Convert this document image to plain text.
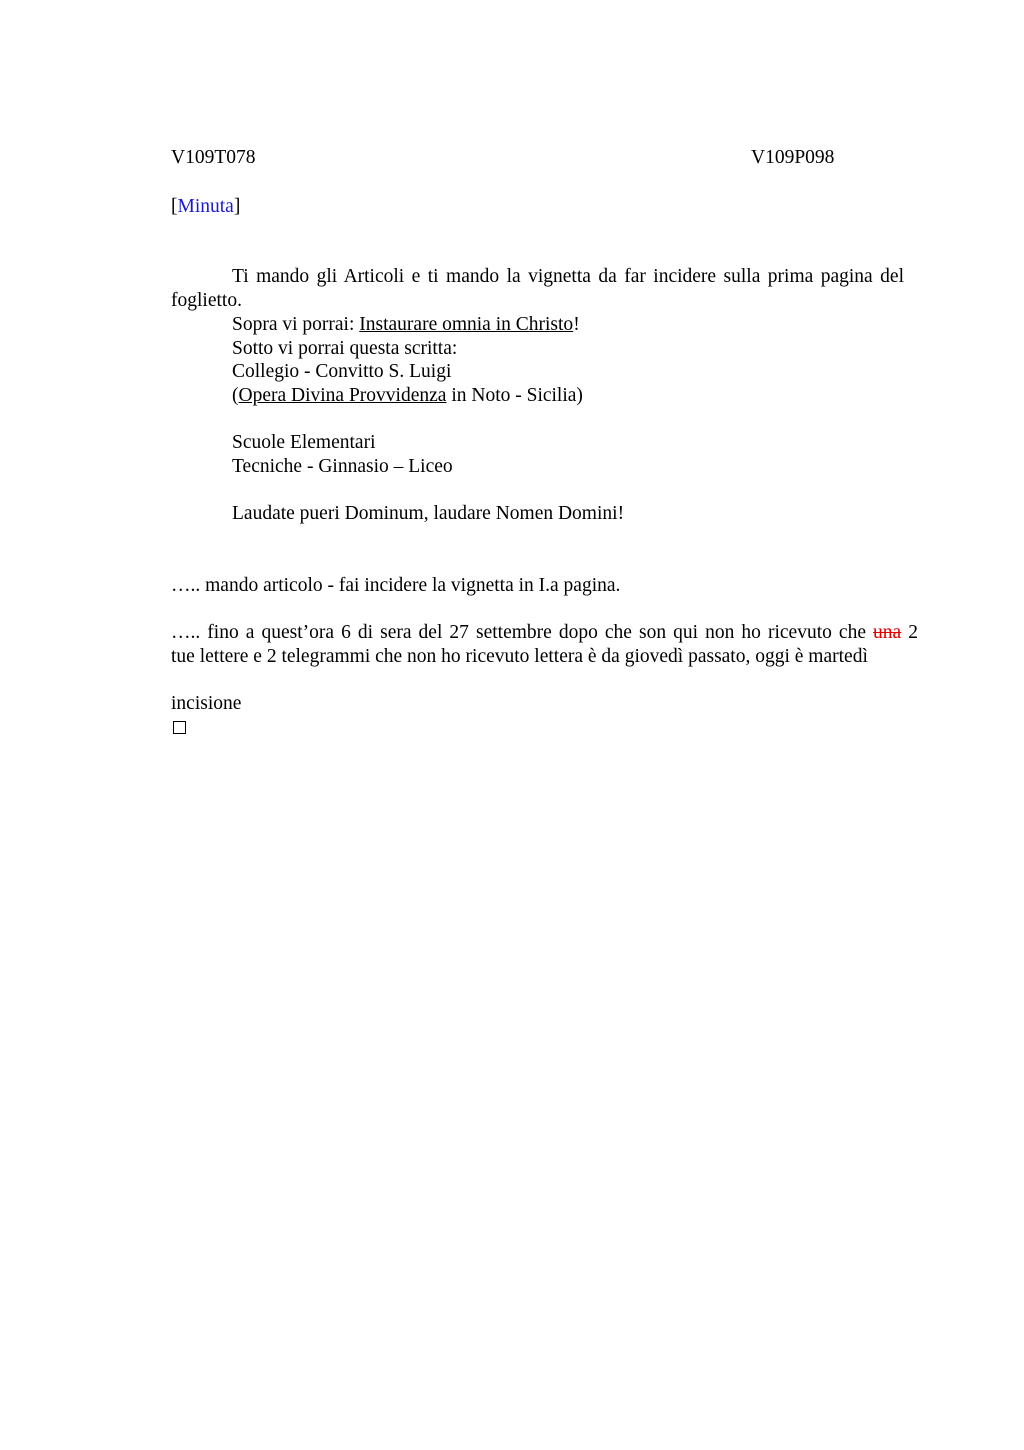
V109T078	V109P098
[Minuta]
Ti mando gli Articoli e ti mando la vignetta da far incidere sulla prima pagina del
foglietto.
Sopra vi porrai: Instaurare omnia in Christo!
Sotto vi porrai questa scritta:
Collegio - Convitto S. Luigi
(Opera Divina Provvidenza in Noto - Sicilia)
Scuole Elementari
Tecniche - Ginnasio – Liceo
Laudate pueri Dominum, laudare Nomen Domini!
….. mando articolo - fai incidere la vignetta in I.a pagina.
….. fino a quest’ora 6 di sera del 27 settembre dopo che son qui non ho ricevuto che una 2
tue lettere e 2 telegrammi che non ho ricevuto lettera è da giovedì passato, oggi è martedì
incisione
